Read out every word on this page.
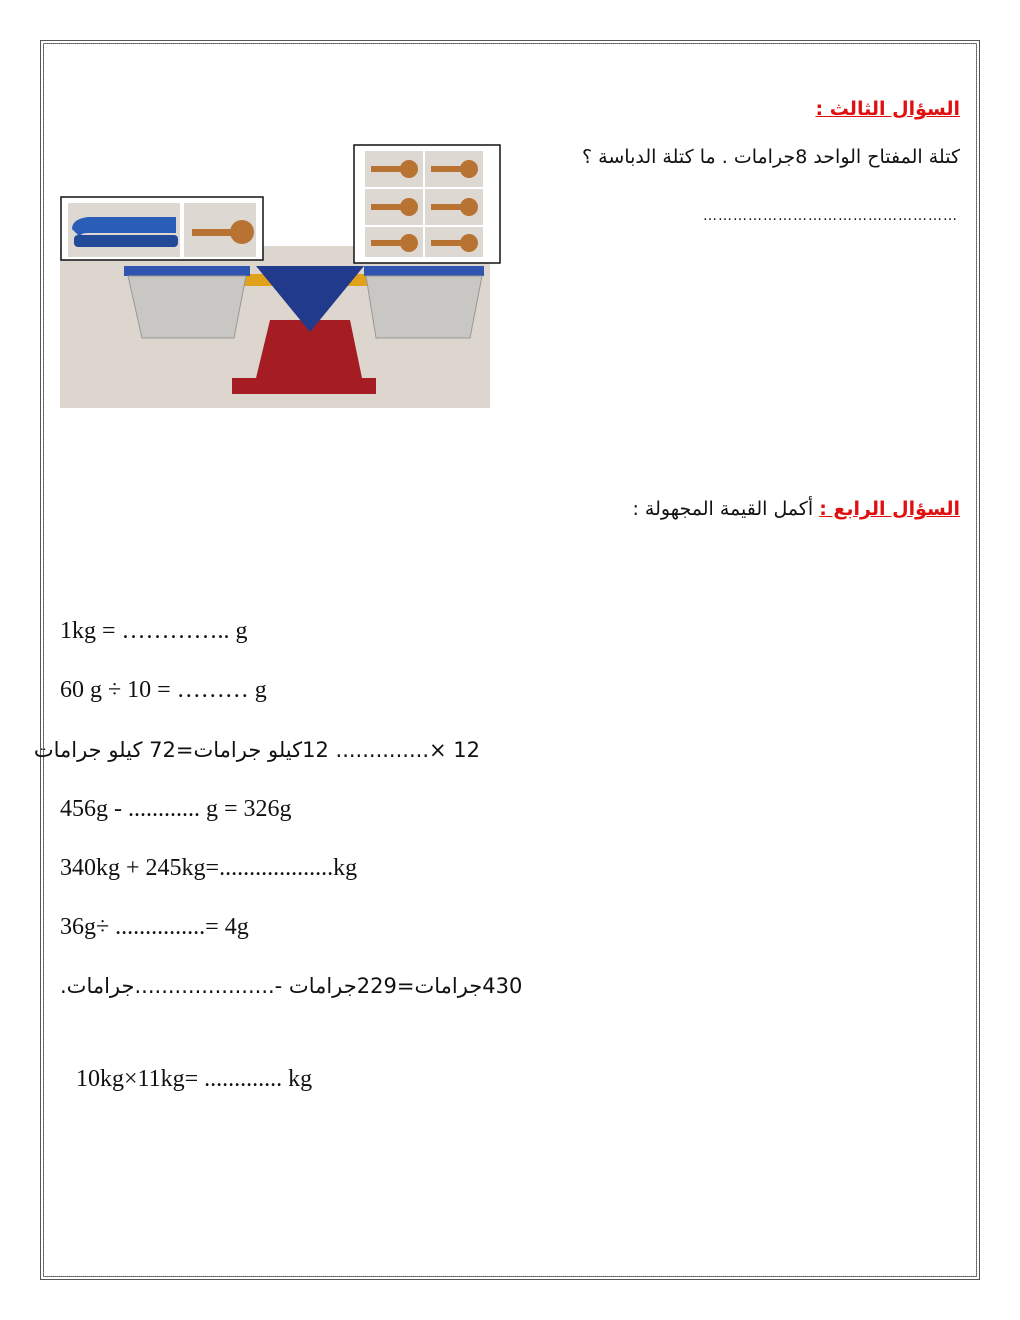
السؤال الثالث :
كتلة المفتاح الواحد 8جرامات . ما كتلة الدباسة ؟
……………………………………………
السؤال الرابع : أكمل القيمة المجهولة :
1kg = ………….. g
60 g ÷ 10 = ……… g
12 ×.............. 12كيلو جرامات=72 كيلو جرامات
456g - ............ g = 326g
340kg + 245kg=...................kg
36g÷ ...............= 4g
430جرامات=229جرامات -.....................جرامات.
10kg×11kg= ............. kg
